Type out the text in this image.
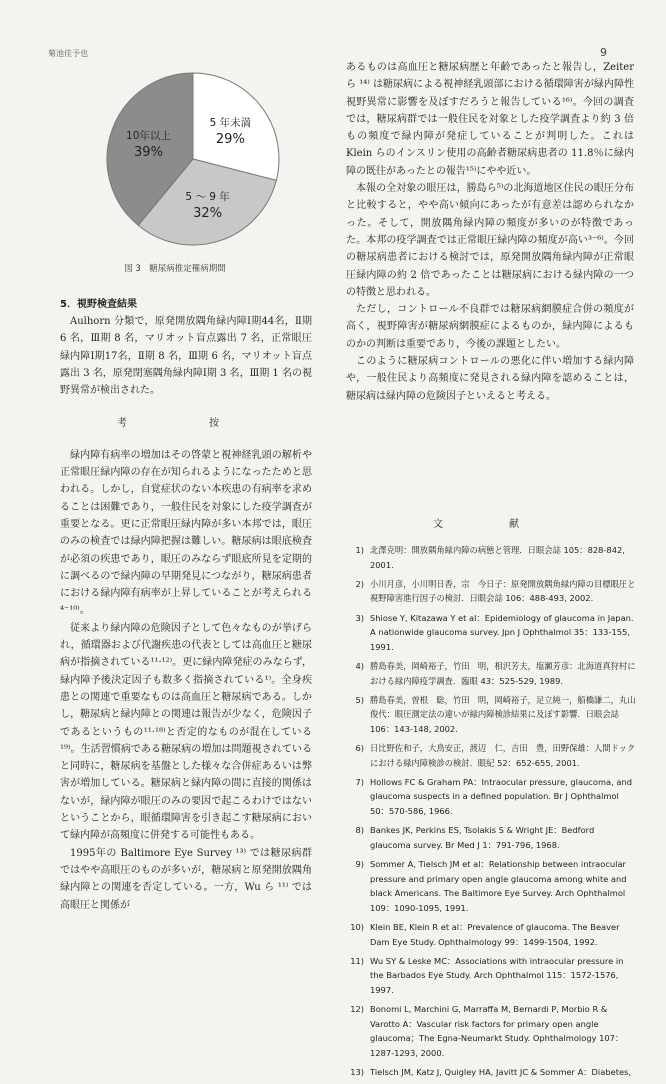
菊池佳予也	9
5 年未満
29%
5 ～ 9 年
32%
10年以上
39%
図 3　糖尿病推定罹病期間
5．視野検査結果

Aulhorn 分類で，原発開放隅角緑内障Ⅰ期44名，Ⅱ期 6 名，Ⅲ期 8 名，マリオット盲点露出 7 名，正常眼圧緑内障Ⅰ期17名，Ⅱ期 8 名，Ⅲ期 6 名，マリオット盲点露出 3 名，原発閉塞隅角緑内障Ⅰ期 3 名，Ⅲ期 1 名の視野異常が検出された。

考　按

緑内障有病率の増加はその啓蒙と視神経乳頭の解析や正常眼圧緑内障の存在が知られるようになったためと思われる。しかし，自覚症状のない本疾患の有病率を求めることは困難であり，一般住民を対象にした疫学調査が重要となる。更に正常眼圧緑内障が多い本邦では，眼圧のみの検査では緑内障把握は難しい。糖尿病は眼底検査が必須の疾患であり，眼圧のみならず眼底所見を定期的に調べるので緑内障の早期発見につながり，糖尿病患者における緑内障有病率が上昇していることが考えられる⁴⁻¹⁰⁾。

従来より緑内障の危険因子として色々なものが挙げられ，循環器および代謝疾患の代表としては高血圧と糖尿病が指摘されている¹¹·¹²⁾。更に緑内障発症のみならず，緑内障予後決定因子も数多く指摘されている¹⁾。全身疾患との関連で重要なものは高血圧と糖尿病である。しかし，糖尿病と緑内障との関連は報告が少なく，危険因子であるというもの¹¹·¹⁸⁾と否定的なものが混在している¹⁹⁾。生活習慣病である糖尿病の増加は問題視されていると同時に，糖尿病を基盤とした様々な合併症あるいは弊害が増加している。糖尿病と緑内障の間に直接的関係はないが，緑内障が眼圧のみの要因で起こるわけではないということから，眼循環障害を引き起こす糖尿病において緑内障が高頻度に併発する可能性もある。

1995年の Baltimore Eye Survey ¹³⁾ では糖尿病群ではやや高眼圧のものが多いが，糖尿病と原発開放隅角緑内障との関連を否定している。一方，Wu ら ¹¹⁾ では高眼圧と関係が

あるものは高血圧と糖尿病歴と年齢であったと報告し，Zeiter ら ¹⁴⁾ は糖尿病による視神経乳頭部における循環障害が緑内障性視野異常に影響を及ぼすだろうと報告している¹⁶⁾。今回の調査では，糖尿病群では一般住民を対象とした疫学調査より約 3 倍もの頻度で緑内障が発症していることが判明した。これは Klein らのインスリン使用の高齢者糖尿病患者の 11.8％に緑内障の既往があったとの報告¹⁵⁾にやや近い。

本報の全対象の眼圧は，勝島ら⁵⁾の北海道地区住民の眼圧分布と比較すると，やや高い傾向にあったが有意差は認められなかった。そして，開放隅角緑内障の頻度が多いのが特徴であった。本邦の疫学調査では正常眼圧緑内障の頻度が高い³⁻⁶⁾。今回の糖尿病患者における検討では，原発開放隅角緑内障が正常眼圧緑内障の約 2 倍であったことは糖尿病における緑内障の一つの特徴と思われる。

ただし，コントロール不良群では糖尿病網膜症合併の頻度が高く，視野障害が糖尿病網膜症によるものか，緑内障によるものかの判断は重要であり，今後の課題としたい。

このように糖尿病コントロールの悪化に伴い増加する緑内障や，一般住民より高頻度に発見される緑内障を認めることは，糖尿病は緑内障の危険因子といえると考える。

文　献
1) 北澤克明：開放隅角緑内障の病態と管理．日眼会誌 105：828-842, 2001.
2) 小川月彦，小川明日香，宗　今日子：原発開放隅角緑内障の目標眼圧と視野障害進行因子の検討．日眼会誌 106：488-493, 2002.
3) Shiose Y, Kitazawa Y et al：Epidemiology of glaucoma in Japan. A nationwide glaucoma survey. Jpn J Ophthalmol 35：133-155, 1991.
4) 勝島春美，岡崎裕子，竹田　明，相沢芳夫，塩瀬芳彦：北海道真狩村における緑内障疫学調査．臨眼 43：525-529, 1989.
5) 勝島春美，曽根　聡，竹田　明，岡崎裕子，足立純一，船橋謙二，丸山俊代：眼圧測定法の違いが緑内障検診結果に及ぼす影響．日眼会誌 106：143-148, 2002.
6) 日比野佐和子，大鳥安正，渡辺　仁，吉田　豊，田野保雄：人間ドックにおける緑内障検診の検討．眼紀 52：652-655, 2001.
7) Hollows FC & Graham PA：Intraocular pressure, glaucoma, and glaucoma suspects in a defined population. Br J Ophthalmol 50：570-586, 1966.
8) Bankes JK, Perkins ES, Tsolakis S & Wright JE：Bedford glaucoma survey. Br Med J 1：791-796, 1968.
9) Sommer A, Tielsch JM et al：Relationship between intraocular pressure and primary open angle glaucoma among white and black Americans. The Baltimore Eye Survey. Arch Ophthalmol 109：1090-1095, 1991.
10) Klein BE, Klein R et al：Prevalence of glaucoma. The Beaver Dam Eye Study. Ophthalmology 99：1499-1504, 1992.
11) Wu SY & Leske MC：Associations with intraocular pressure in the Barbados Eye Study. Arch Ophthalmol 115：1572-1576, 1997.
12) Bonomi L, Marchini G, Marraffa M, Bernardi P, Morbio R & Varotto A：Vascular risk factors for primary open angle glaucoma；The Egna-Neumarkt Study. Ophthalmology 107：1287-1293, 2000.
13) Tielsch JM, Katz J, Quigley HA, Javitt JC & Sommer A：Diabetes,
